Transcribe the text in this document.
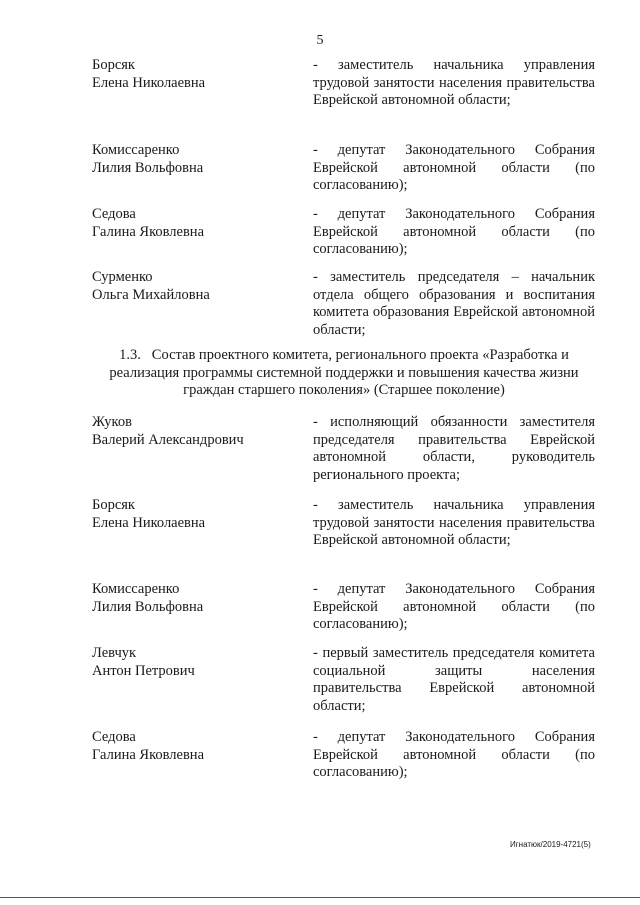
5
Борсяк
Елена Николаевна
- заместитель начальника управления трудовой занятости населения правительства Еврейской автономной области;
Комиссаренко
Лилия Вольфовна
- депутат Законодательного Собрания Еврейской автономной области (по согласованию);
Седова
Галина Яковлевна
- депутат Законодательного Собрания Еврейской автономной области (по согласованию);
Сурменко
Ольга Михайловна
- заместитель председателя – начальник отдела общего образования и воспитания комитета образования Еврейской автономной области;
1.3.   Состав проектного комитета, регионального проекта «Разработка и реализация программы системной поддержки и повышения качества жизни граждан старшего поколения» (Старшее поколение)
Жуков
Валерий Александрович
- исполняющий обязанности заместителя председателя правительства Еврейской автономной области, руководитель регионального проекта;
Борсяк
Елена Николаевна
- заместитель начальника управления трудовой занятости населения правительства Еврейской автономной области;
Комиссаренко
Лилия Вольфовна
- депутат Законодательного Собрания Еврейской автономной области (по согласованию);
Левчук
Антон Петрович
- первый заместитель председателя комитета социальной защиты населения правительства Еврейской автономной области;
Седова
Галина Яковлевна
- депутат Законодательного Собрания Еврейской автономной области (по согласованию);
Игнатюк/2019-4721(5)
